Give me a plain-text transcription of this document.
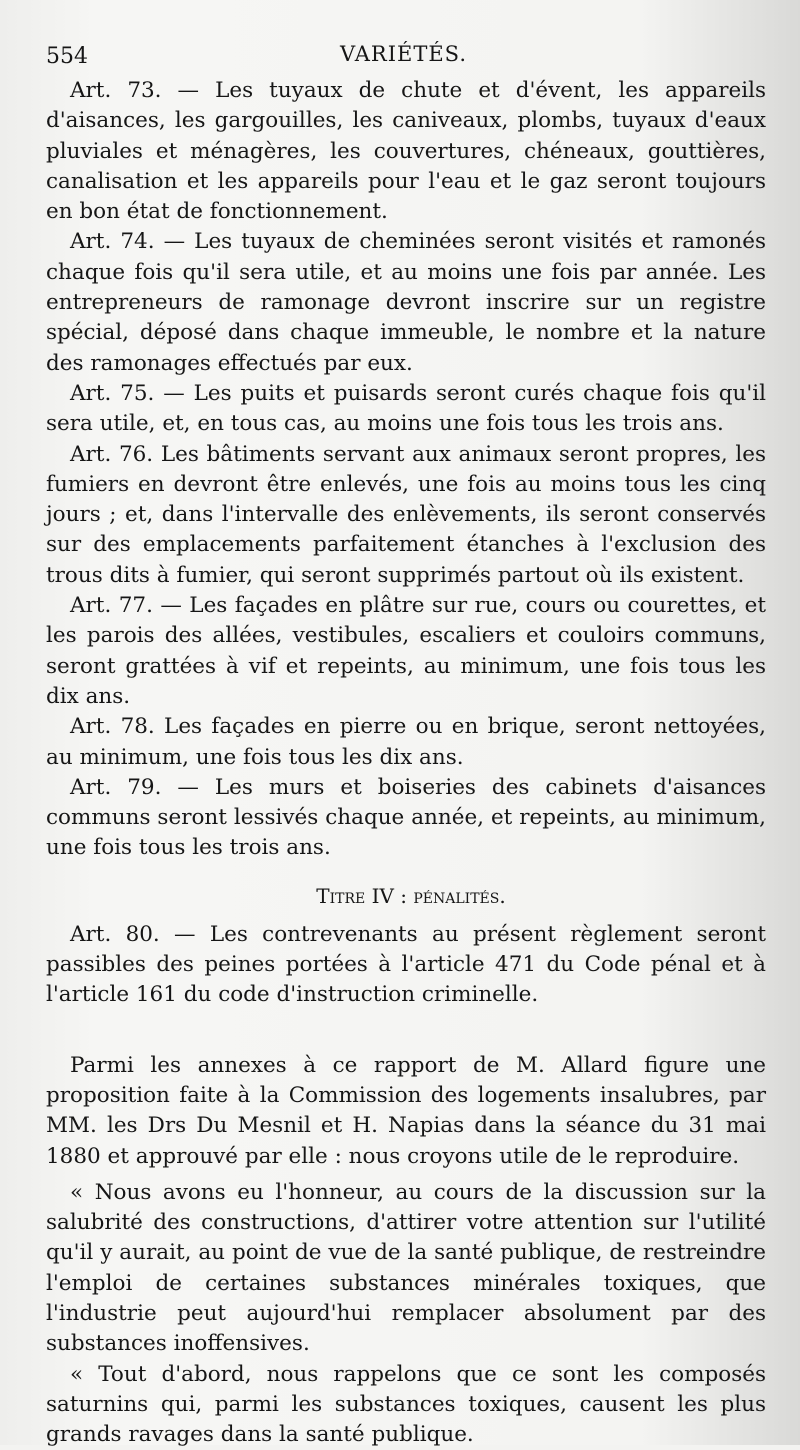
554	VARIÉTÉS.

Art. 73. — Les tuyaux de chute et d'évent, les appareils d'aisances, les gargouilles, les caniveaux, plombs, tuyaux d'eaux pluviales et ménagères, les couvertures, chéneaux, gouttières, canalisation et les appareils pour l'eau et le gaz seront toujours en bon état de fonctionnement.

Art. 74. — Les tuyaux de cheminées seront visités et ramonés chaque fois qu'il sera utile, et au moins une fois par année. Les entrepreneurs de ramonage devront inscrire sur un registre spécial, déposé dans chaque immeuble, le nombre et la nature des ramonages effectués par eux.

Art. 75. — Les puits et puisards seront curés chaque fois qu'il sera utile, et, en tous cas, au moins une fois tous les trois ans.

Art. 76. Les bâtiments servant aux animaux seront propres, les fumiers en devront être enlevés, une fois au moins tous les cinq jours ; et, dans l'intervalle des enlèvements, ils seront conservés sur des emplacements parfaitement étanches à l'exclusion des trous dits à fumier, qui seront supprimés partout où ils existent.

Art. 77. — Les façades en plâtre sur rue, cours ou courettes, et les parois des allées, vestibules, escaliers et couloirs communs, seront grattées à vif et repeints, au minimum, une fois tous les dix ans.

Art. 78. Les façades en pierre ou en brique, seront nettoyées, au minimum, une fois tous les dix ans.

Art. 79. — Les murs et boiseries des cabinets d'aisances communs seront lessivés chaque année, et repeints, au minimum, une fois tous les trois ans.

Titre IV : pénalités.

Art. 80. — Les contrevenants au présent règlement seront passibles des peines portées à l'article 471 du Code pénal et à l'article 161 du code d'instruction criminelle.

Parmi les annexes à ce rapport de M. Allard figure une proposition faite à la Commission des logements insalubres, par MM. les Drs Du Mesnil et H. Napias dans la séance du 31 mai 1880 et approuvé par elle : nous croyons utile de le reproduire.

« Nous avons eu l'honneur, au cours de la discussion sur la salubrité des constructions, d'attirer votre attention sur l'utilité qu'il y aurait, au point de vue de la santé publique, de restreindre l'emploi de certaines substances minérales toxiques, que l'industrie peut aujourd'hui remplacer absolument par des substances inoffensives.

« Tout d'abord, nous rappelons que ce sont les composés saturnins qui, parmi les substances toxiques, causent les plus grands ravages dans la santé publique.
